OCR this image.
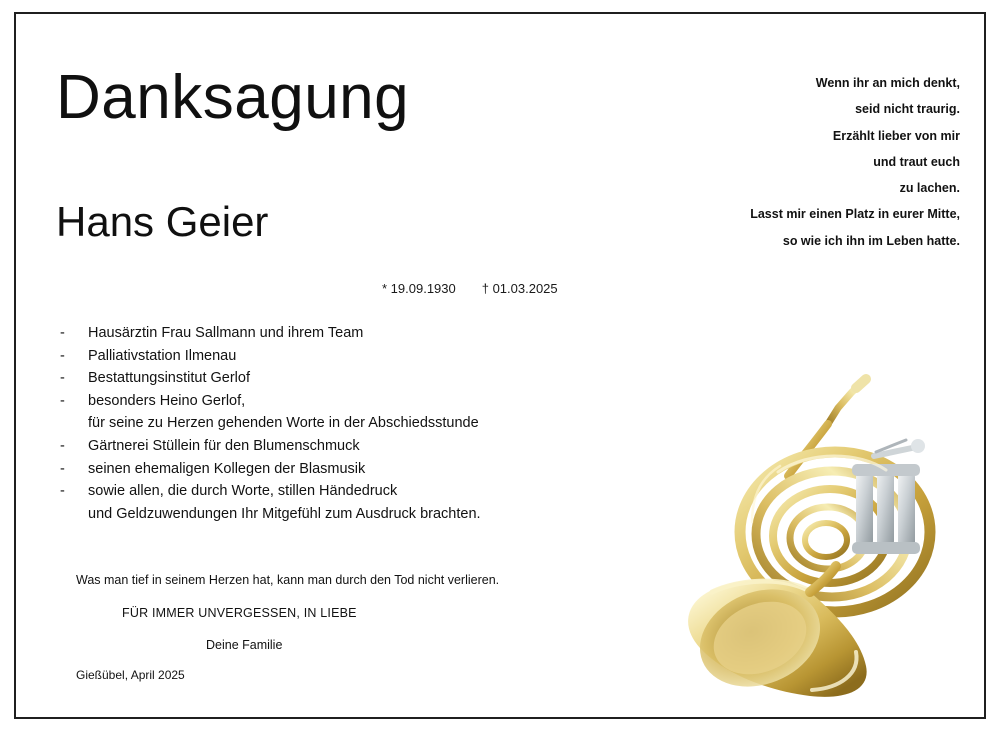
Danksagung
Hans Geier
* 19.09.1930 † 01.03.2025
Wenn ihr an mich denkt,
seid nicht traurig.
Erzählt lieber von mir
und traut euch
zu lachen.
Lasst mir einen Platz in eurer Mitte,
so wie ich ihn im Leben hatte.
-	Hausärztin Frau Sallmann und ihrem Team
-	Palliativstation Ilmenau
-	Bestattungsinstitut Gerlof
-	besonders Heino Gerlof,
für seine zu Herzen gehenden Worte in der Abschiedsstunde
-	Gärtnerei Stüllein für den Blumenschmuck
-	seinen ehemaligen Kollegen der Blasmusik
-	sowie allen, die durch Worte, stillen Händedruck
und Geldzuwendungen Ihr Mitgefühl zum Ausdruck brachten.
Was man tief in seinem Herzen hat, kann man durch den Tod nicht verlieren.
FÜR IMMER UNVERGESSEN, IN LIEBE
Deine Familie
Gießübel, April 2025
